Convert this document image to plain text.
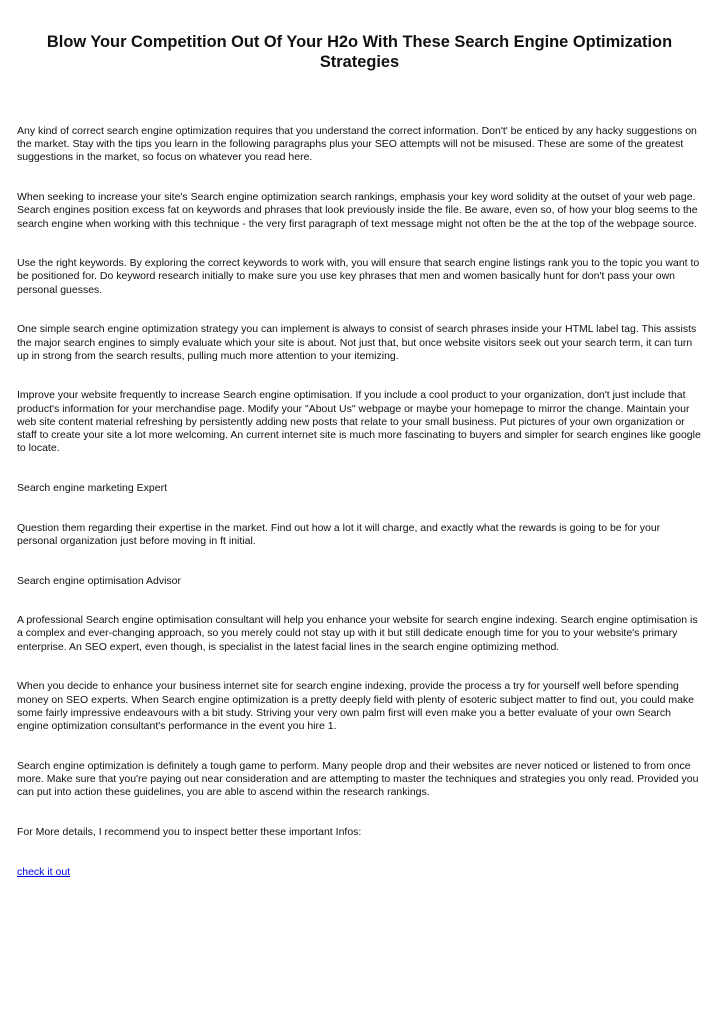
Blow Your Competition Out Of Your H2o With These Search Engine Optimization Strategies

Any kind of correct search engine optimization requires that you understand the correct information. Don't' be enticed by any hacky suggestions on the market. Stay with the tips you learn in the following paragraphs plus your SEO attempts will not be misused. These are some of the greatest suggestions in the market, so focus on whatever you read here.

When seeking to increase your site's Search engine optimization search rankings, emphasis your key word solidity at the outset of your web page. Search engines position excess fat on keywords and phrases that look previously inside the file. Be aware, even so, of how your blog seems to the search engine when working with this technique - the very first paragraph of text message might not often be the at the top of the webpage source.

Use the right keywords. By exploring the correct keywords to work with, you will ensure that search engine listings rank you to the topic you want to be positioned for. Do keyword research initially to make sure you use key phrases that men and women basically hunt for don't pass your own personal guesses.

One simple search engine optimization strategy you can implement is always to consist of search phrases inside your HTML label tag. This assists the major search engines to simply evaluate which your site is about. Not just that, but once website visitors seek out your search term, it can turn up in strong from the search results, pulling much more attention to your itemizing.

Improve your website frequently to increase Search engine optimisation. If you include a cool product to your organization, don't just include that product's information for your merchandise page. Modify your "About Us" webpage or maybe your homepage to mirror the change. Maintain your web site content material refreshing by persistently adding new posts that relate to your small business. Put pictures of your own organization or staff to create your site a lot more welcoming. An current internet site is much more fascinating to buyers and simpler for search engines like google to locate.

Search engine marketing Expert

Question them regarding their expertise in the market. Find out how a lot it will charge, and exactly what the rewards is going to be for your personal organization just before moving in ft initial.

Search engine optimisation Advisor

A professional Search engine optimisation consultant will help you enhance your website for search engine indexing. Search engine optimisation is a complex and ever-changing approach, so you merely could not stay up with it but still dedicate enough time for you to your website's primary enterprise. An SEO expert, even though, is specialist in the latest facial lines in the search engine optimizing method.

When you decide to enhance your business internet site for search engine indexing, provide the process a try for yourself well before spending money on SEO experts. When Search engine optimization is a pretty deeply field with plenty of esoteric subject matter to find out, you could make some fairly impressive endeavours with a bit study. Striving your very own palm first will even make you a better evaluate of your own Search engine optimization consultant's performance in the event you hire 1.

Search engine optimization is definitely a tough game to perform. Many people drop and their websites are never noticed or listened to from once more. Make sure that you're paying out near consideration and are attempting to master the techniques and strategies you only read. Provided you can put into action these guidelines, you are able to ascend within the research rankings.

For More details, I recommend you to inspect better these important Infos:

check it out
